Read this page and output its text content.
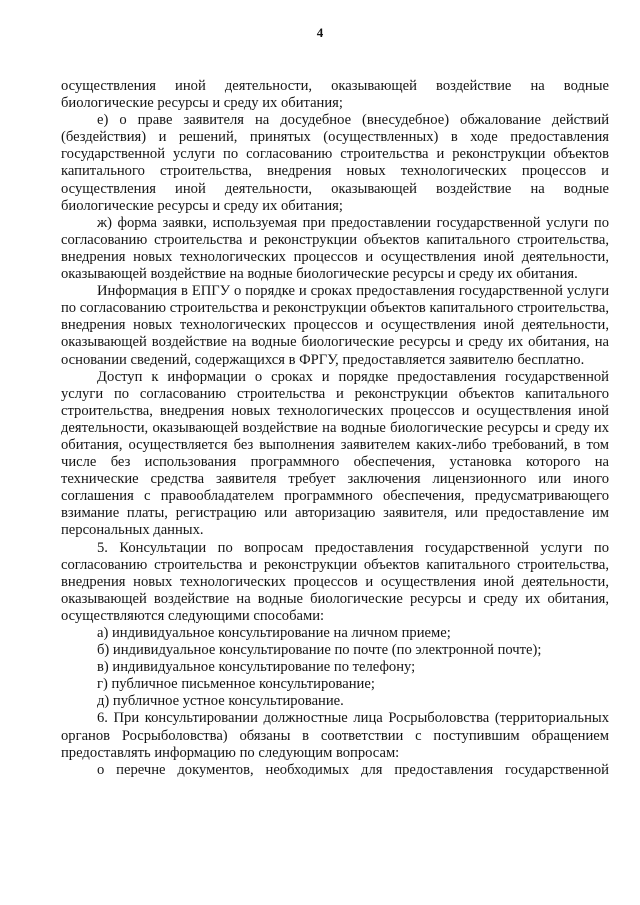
4

осуществления иной деятельности, оказывающей воздействие на водные биологические ресурсы и среду их обитания;

е) о праве заявителя на досудебное (внесудебное) обжалование действий (бездействия) и решений, принятых (осуществленных) в ходе предоставления государственной услуги по согласованию строительства и реконструкции объектов капитального строительства, внедрения новых технологических процессов и осуществления иной деятельности, оказывающей воздействие на водные биологические ресурсы и среду их обитания;

ж) форма заявки, используемая при предоставлении государственной услуги по согласованию строительства и реконструкции объектов капитального строительства, внедрения новых технологических процессов и осуществления иной деятельности, оказывающей воздействие на водные биологические ресурсы и среду их обитания.

Информация в ЕПГУ о порядке и сроках предоставления государственной услуги по согласованию строительства и реконструкции объектов капитального строительства, внедрения новых технологических процессов и осуществления иной деятельности, оказывающей воздействие на водные биологические ресурсы и среду их обитания, на основании сведений, содержащихся в ФРГУ, предоставляется заявителю бесплатно.

Доступ к информации о сроках и порядке предоставления государственной услуги по согласованию строительства и реконструкции объектов капитального строительства, внедрения новых технологических процессов и осуществления иной деятельности, оказывающей воздействие на водные биологические ресурсы и среду их обитания, осуществляется без выполнения заявителем каких-либо требований, в том числе без использования программного обеспечения, установка которого на технические средства заявителя требует заключения лицензионного или иного соглашения с правообладателем программного обеспечения, предусматривающего взимание платы, регистрацию или авторизацию заявителя, или предоставление им персональных данных.

5. Консультации по вопросам предоставления государственной услуги по согласованию строительства и реконструкции объектов капитального строительства, внедрения новых технологических процессов и осуществления иной деятельности, оказывающей воздействие на водные биологические ресурсы и среду их обитания, осуществляются следующими способами:

а) индивидуальное консультирование на личном приеме;

б) индивидуальное консультирование по почте (по электронной почте);

в) индивидуальное консультирование по телефону;

г) публичное письменное консультирование;

д) публичное устное консультирование.

6. При консультировании должностные лица Росрыболовства (территориальных органов Росрыболовства) обязаны в соответствии с поступившим обращением предоставлять информацию по следующим вопросам:

о перечне документов, необходимых для предоставления государственной
